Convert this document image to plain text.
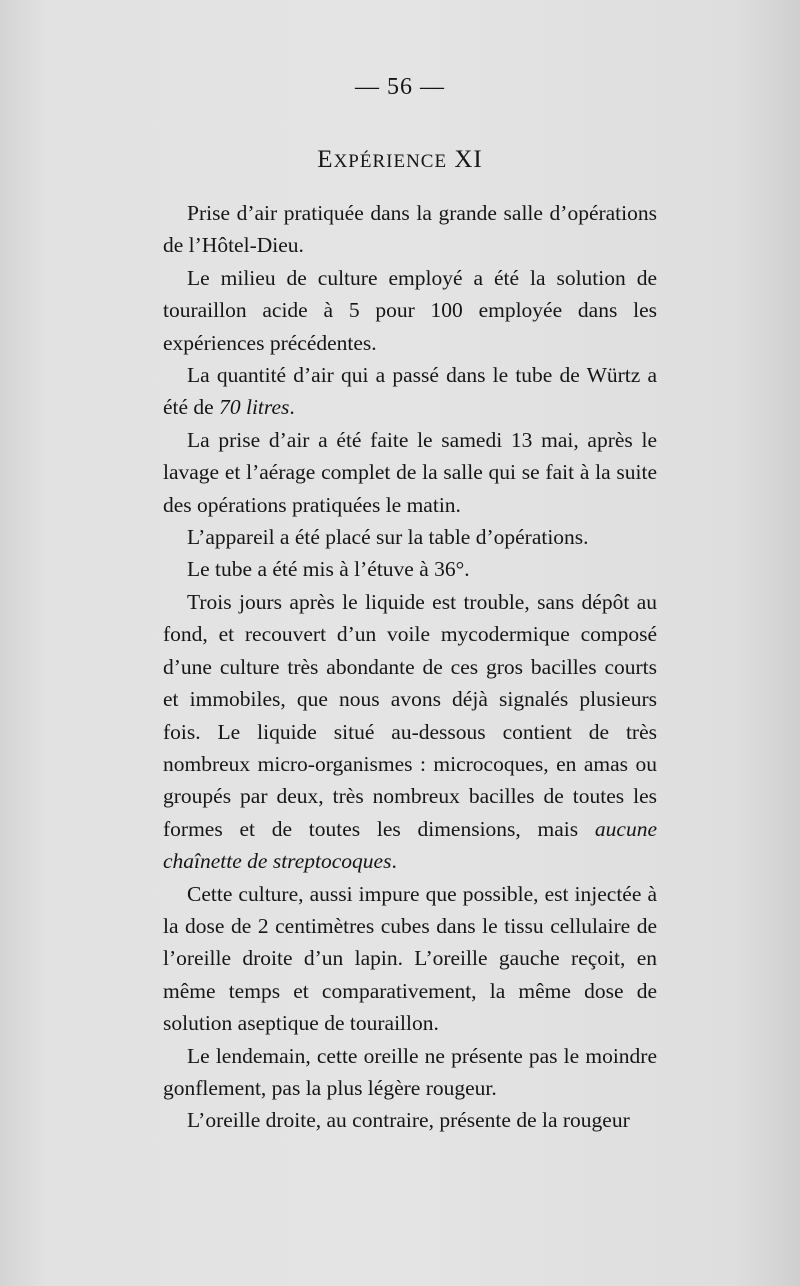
— 56 —
EXPÉRIENCE XI

Prise d’air pratiquée dans la grande salle d’opérations de l’Hôtel-Dieu.

Le milieu de culture employé a été la solution de touraillon acide à 5 pour 100 employée dans les expériences précédentes.

La quantité d’air qui a passé dans le tube de Würtz a été de 70 litres.

La prise d’air a été faite le samedi 13 mai, après le lavage et l’aérage complet de la salle qui se fait à la suite des opérations pratiquées le matin.

L’appareil a été placé sur la table d’opérations.

Le tube a été mis à l’étuve à 36°.

Trois jours après le liquide est trouble, sans dépôt au fond, et recouvert d’un voile mycodermique composé d’une culture très abondante de ces gros bacilles courts et immobiles, que nous avons déjà signalés plusieurs fois. Le liquide situé au-dessous contient de très nombreux micro-organismes : microcoques, en amas ou groupés par deux, très nombreux bacilles de toutes les formes et de toutes les dimensions, mais aucune chaînette de streptocoques.

Cette culture, aussi impure que possible, est injectée à la dose de 2 centimètres cubes dans le tissu cellulaire de l’oreille droite d’un lapin. L’oreille gauche reçoit, en même temps et comparativement, la même dose de solution aseptique de touraillon.

Le lendemain, cette oreille ne présente pas le moindre gonflement, pas la plus légère rougeur.

L’oreille droite, au contraire, présente de la rougeur
